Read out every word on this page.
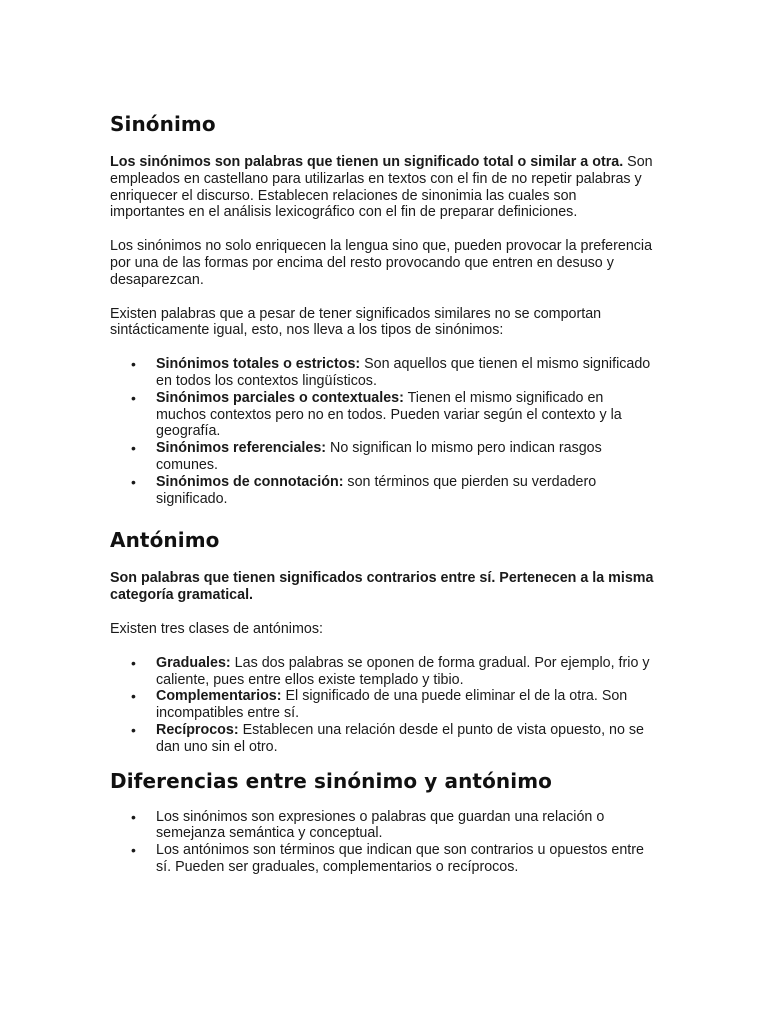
Sinónimo

Los sinónimos son palabras que tienen un significado total o similar a otra. Son empleados en castellano para utilizarlas en textos con el fin de no repetir palabras y enriquecer el discurso. Establecen relaciones de sinonimia las cuales son importantes en el análisis lexicográfico con el fin de preparar definiciones.

Los sinónimos no solo enriquecen la lengua sino que, pueden provocar la preferencia por una de las formas por encima del resto provocando que entren en desuso y desaparezcan.

Existen palabras que a pesar de tener significados similares no se comportan sintácticamente igual, esto, nos lleva a los tipos de sinónimos:

• Sinónimos totales o estrictos: Son aquellos que tienen el mismo significado en todos los contextos lingüísticos.
• Sinónimos parciales o contextuales: Tienen el mismo significado en muchos contextos pero no en todos. Pueden variar según el contexto y la geografía.
• Sinónimos referenciales: No significan lo mismo pero indican rasgos comunes.
• Sinónimos de connotación: son términos que pierden su verdadero significado.
Antónimo

Son palabras que tienen significados contrarios entre sí. Pertenecen a la misma categoría gramatical.

Existen tres clases de antónimos:

• Graduales: Las dos palabras se oponen de forma gradual. Por ejemplo, frio y caliente, pues entre ellos existe templado y tibio.
• Complementarios: El significado de una puede eliminar el de la otra. Son incompatibles entre sí.
• Recíprocos: Establecen una relación desde el punto de vista opuesto, no se dan uno sin el otro.
Diferencias entre sinónimo y antónimo
• Los sinónimos son expresiones o palabras que guardan una relación o semejanza semántica y conceptual.
• Los antónimos son términos que indican que son contrarios u opuestos entre sí. Pueden ser graduales, complementarios o recíprocos.
